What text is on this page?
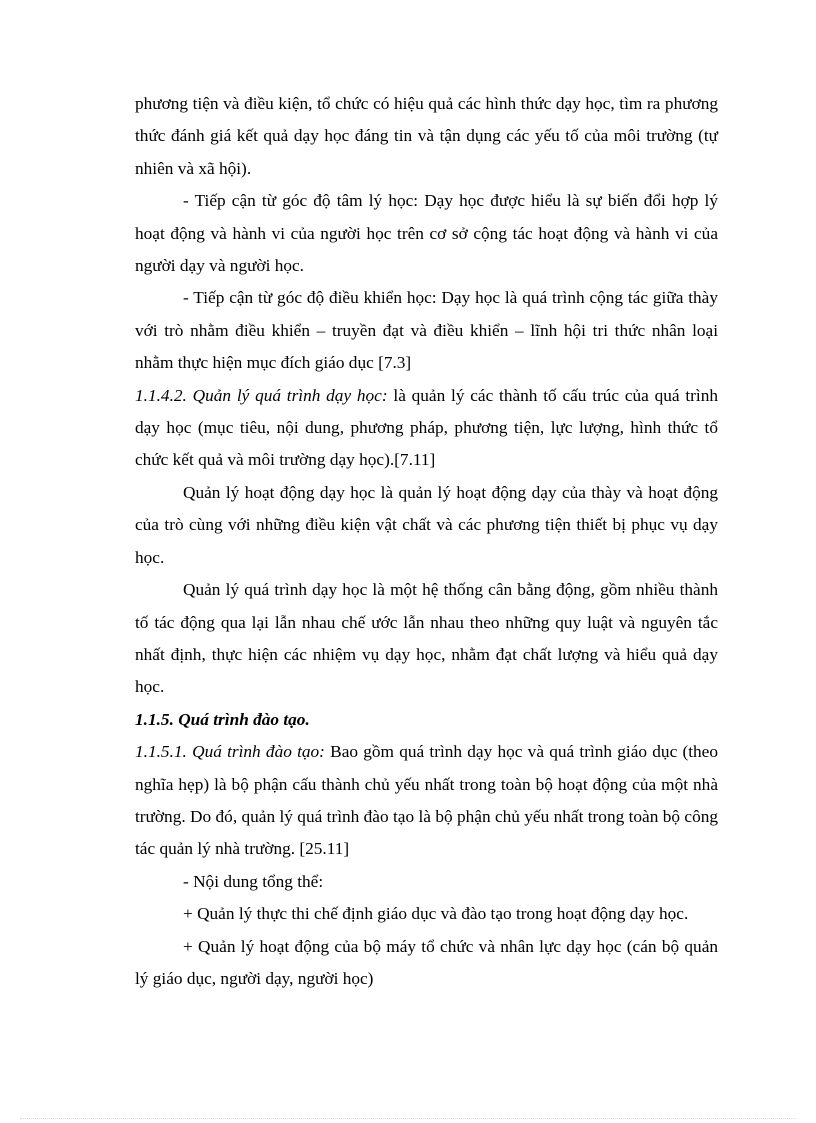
phương tiện và điều kiện, tổ chức có hiệu quả các hình thức dạy học, tìm ra phương thức đánh giá kết quả dạy học đáng tin và tận dụng các yếu tố của môi trường (tự nhiên và xã hội).

- Tiếp cận từ góc độ tâm lý học: Dạy học được hiểu là sự biến đổi hợp lý hoạt động và hành vi của người học trên cơ sở cộng tác hoạt động và hành vi của người dạy và người học.

- Tiếp cận từ góc độ điều khiển học: Dạy học là quá trình cộng tác giữa thày với trò nhằm điều khiển – truyền đạt và điều khiển – lĩnh hội tri thức nhân loại nhằm thực hiện mục đích giáo dục [7.3]

1.1.4.2. Quản lý quá trình dạy học: là quản lý các thành tố cấu trúc của quá trình dạy học (mục tiêu, nội dung, phương pháp, phương tiện, lực lượng, hình thức tổ chức kết quả và môi trường dạy học).[7.11]

Quản lý hoạt động dạy học là quản lý hoạt động dạy của thày và hoạt động của trò cùng với những điều kiện vật chất và các phương tiện thiết bị phục vụ dạy học.

Quản lý quá trình dạy học là một hệ thống cân bằng động, gồm nhiều thành tố tác động qua lại lẫn nhau chế ước lẫn nhau theo những quy luật và nguyên tắc nhất định, thực hiện các nhiệm vụ dạy học, nhằm đạt chất lượng và hiểu quả dạy học.

1.1.5. Quá trình đào tạo.

1.1.5.1. Quá trình đào tạo: Bao gồm quá trình dạy học và quá trình giáo dục (theo nghĩa hẹp) là bộ phận cấu thành chủ yếu nhất trong toàn bộ hoạt động của một nhà trường. Do đó, quản lý quá trình đào tạo là bộ phận chủ yếu nhất trong toàn bộ công tác quản lý nhà trường. [25.11]

- Nội dung tổng thể:

+ Quản lý thực thi chế định giáo dục và đào tạo trong hoạt động dạy học.

+ Quản lý hoạt động của bộ máy tổ chức và nhân lực dạy học (cán bộ quản lý giáo dục, người dạy, người học)
